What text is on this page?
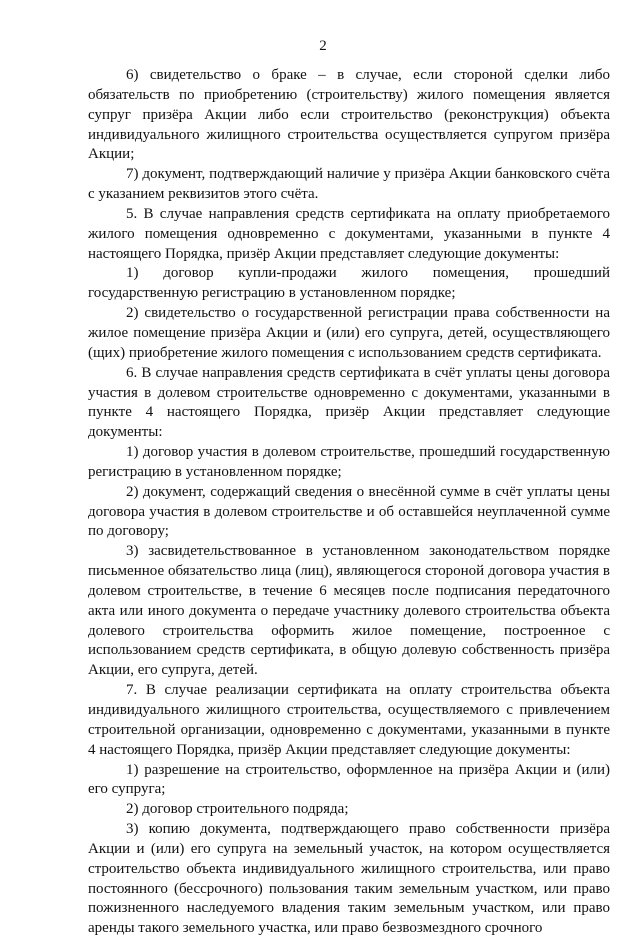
2

6) свидетельство о браке – в случае, если стороной сделки либо обязательств по приобретению (строительству) жилого помещения является супруг призёра Акции либо если строительство (реконструкция) объекта индивидуального жилищного строительства осуществляется супругом призёра Акции;

7) документ, подтверждающий наличие у призёра Акции банковского счёта с указанием реквизитов этого счёта.

5. В случае направления средств сертификата на оплату приобретаемого жилого помещения одновременно с документами, указанными в пункте 4 настоящего Порядка, призёр Акции представляет следующие документы:

1) договор купли-продажи жилого помещения, прошедший государственную регистрацию в установленном порядке;

2) свидетельство о государственной регистрации права собственности на жилое помещение призёра Акции и (или) его супруга, детей, осуществляющего (щих) приобретение жилого помещения с использованием средств сертификата.

6. В случае направления средств сертификата в счёт уплаты цены договора участия в долевом строительстве одновременно с документами, указанными в пункте 4 настоящего Порядка, призёр Акции представляет следующие документы:

1) договор участия в долевом строительстве, прошедший государственную регистрацию в установленном порядке;

2) документ, содержащий сведения о внесённой сумме в счёт уплаты цены договора участия в долевом строительстве и об оставшейся неуплаченной сумме по договору;

3) засвидетельствованное в установленном законодательством порядке письменное обязательство лица (лиц), являющегося стороной договора участия в долевом строительстве, в течение 6 месяцев после подписания передаточного акта или иного документа о передаче участнику долевого строительства объекта долевого строительства оформить жилое помещение, построенное с использованием средств сертификата, в общую долевую собственность призёра Акции, его супруга, детей.

7. В случае реализации сертификата на оплату строительства объекта индивидуального жилищного строительства, осуществляемого с привлечением строительной организации, одновременно с документами, указанными в пункте 4 настоящего Порядка, призёр Акции представляет следующие документы:

1) разрешение на строительство, оформленное на призёра Акции и (или) его супруга;

2) договор строительного подряда;

3) копию документа, подтверждающего право собственности призёра Акции и (или) его супруга на земельный участок, на котором осуществляется строительство объекта индивидуального жилищного строительства, или право постоянного (бессрочного) пользования таким земельным участком, или право пожизненного наследуемого владения таким земельным участком, или право аренды такого земельного участка, или право безвозмездного срочного
